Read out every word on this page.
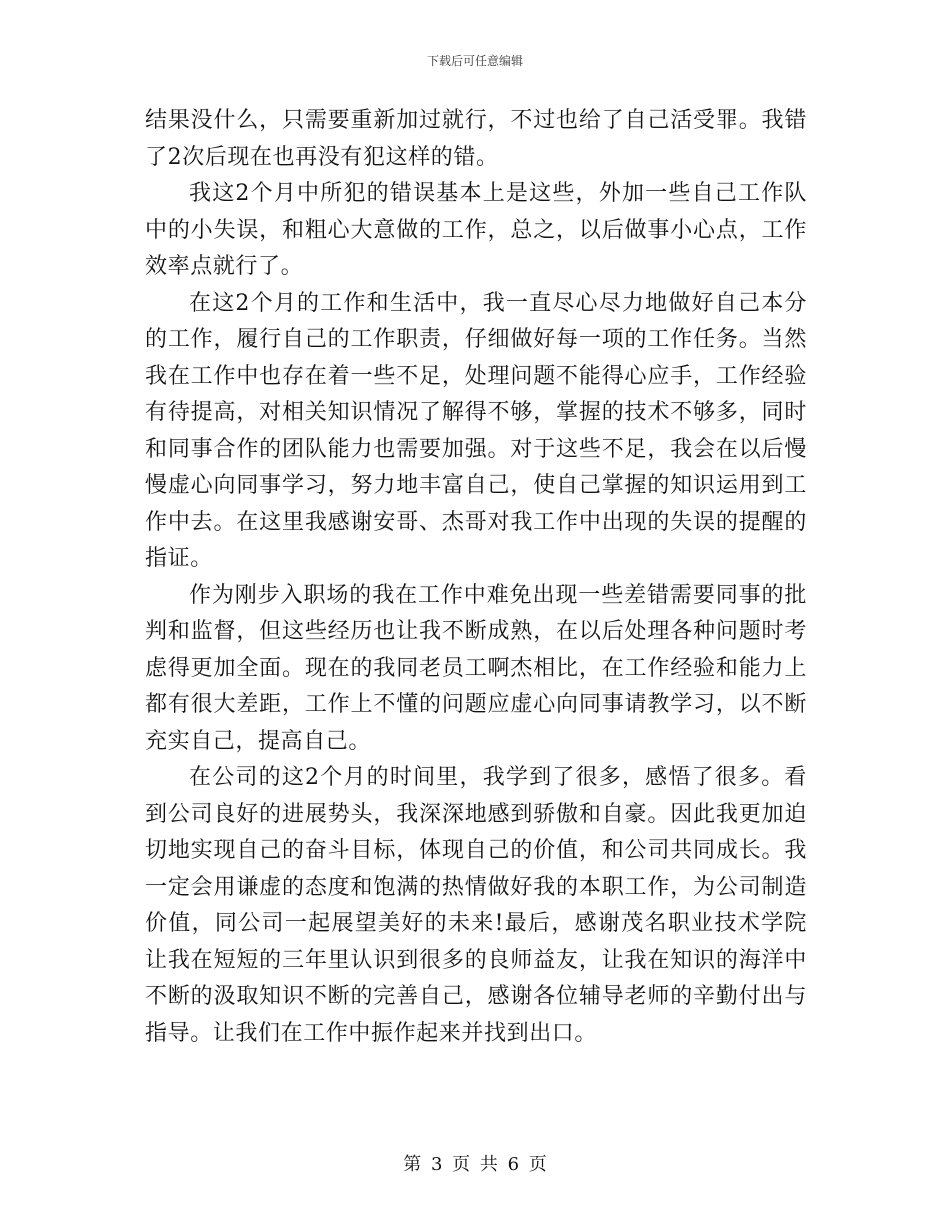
下载后可任意编辑

结果没什么，只需要重新加过就行，不过也给了自己活受罪。我错了2次后现在也再没有犯这样的错。

我这2个月中所犯的错误基本上是这些，外加一些自己工作队中的小失误，和粗心大意做的工作，总之，以后做事小心点，工作效率点就行了。

在这2个月的工作和生活中，我一直尽心尽力地做好自己本分的工作，履行自己的工作职责，仔细做好每一项的工作任务。当然我在工作中也存在着一些不足，处理问题不能得心应手，工作经验有待提高，对相关知识情况了解得不够，掌握的技术不够多，同时和同事合作的团队能力也需要加强。对于这些不足，我会在以后慢慢虚心向同事学习，努力地丰富自己，使自己掌握的知识运用到工作中去。在这里我感谢安哥、杰哥对我工作中出现的失误的提醒的指证。

作为刚步入职场的我在工作中难免出现一些差错需要同事的批判和监督，但这些经历也让我不断成熟，在以后处理各种问题时考虑得更加全面。现在的我同老员工啊杰相比，在工作经验和能力上都有很大差距，工作上不懂的问题应虚心向同事请教学习，以不断充实自己，提高自己。

在公司的这2个月的时间里，我学到了很多，感悟了很多。看到公司良好的进展势头，我深深地感到骄傲和自豪。因此我更加迫切地实现自己的奋斗目标，体现自己的价值，和公司共同成长。我一定会用谦虚的态度和饱满的热情做好我的本职工作，为公司制造价值，同公司一起展望美好的未来!最后，感谢茂名职业技术学院让我在短短的三年里认识到很多的良师益友，让我在知识的海洋中不断的汲取知识不断的完善自己，感谢各位辅导老师的辛勤付出与指导。让我们在工作中振作起来并找到出口。

第 3 页 共 6 页
